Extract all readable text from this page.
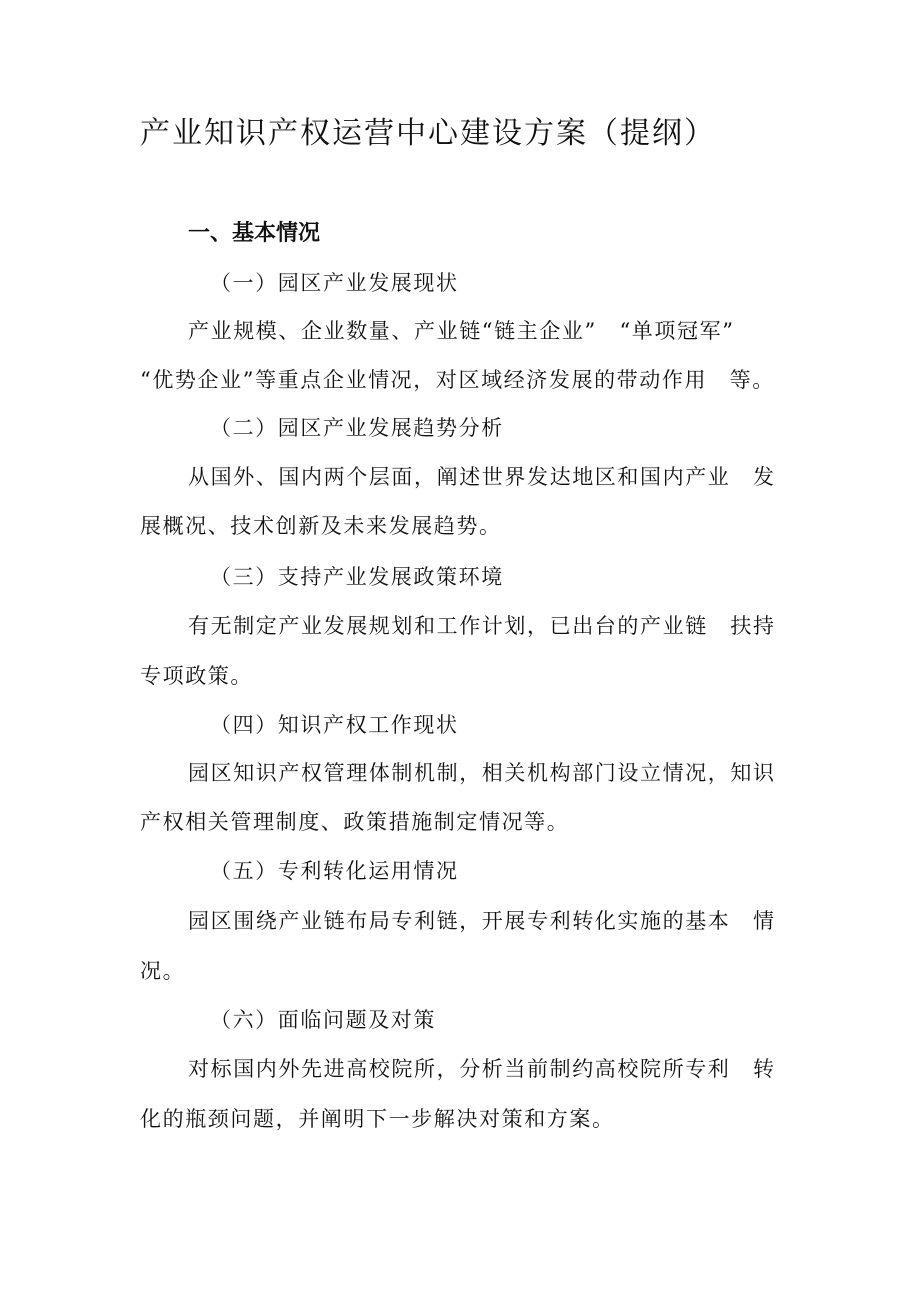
产业知识产权运营中心建设方案（提纲）
一、基本情况
（一）园区产业发展现状
产业规模、企业数量、产业链“链主企业”　“单项冠军”
“优势企业”等重点企业情况，对区域经济发展的带动作用　等。
（二）园区产业发展趋势分析
从国外、国内两个层面，阐述世界发达地区和国内产业　发
展概况、技术创新及未来发展趋势。
（三）支持产业发展政策环境
有无制定产业发展规划和工作计划，已出台的产业链　扶持
专项政策。
（四）知识产权工作现状
园区知识产权管理体制机制，相关机构部门设立情况，知识
产权相关管理制度、政策措施制定情况等。
（五）专利转化运用情况
园区围绕产业链布局专利链，开展专利转化实施的基本　情
况。
（六）面临问题及对策
对标国内外先进高校院所，分析当前制约高校院所专利　转
化的瓶颈问题，并阐明下一步解决对策和方案。
